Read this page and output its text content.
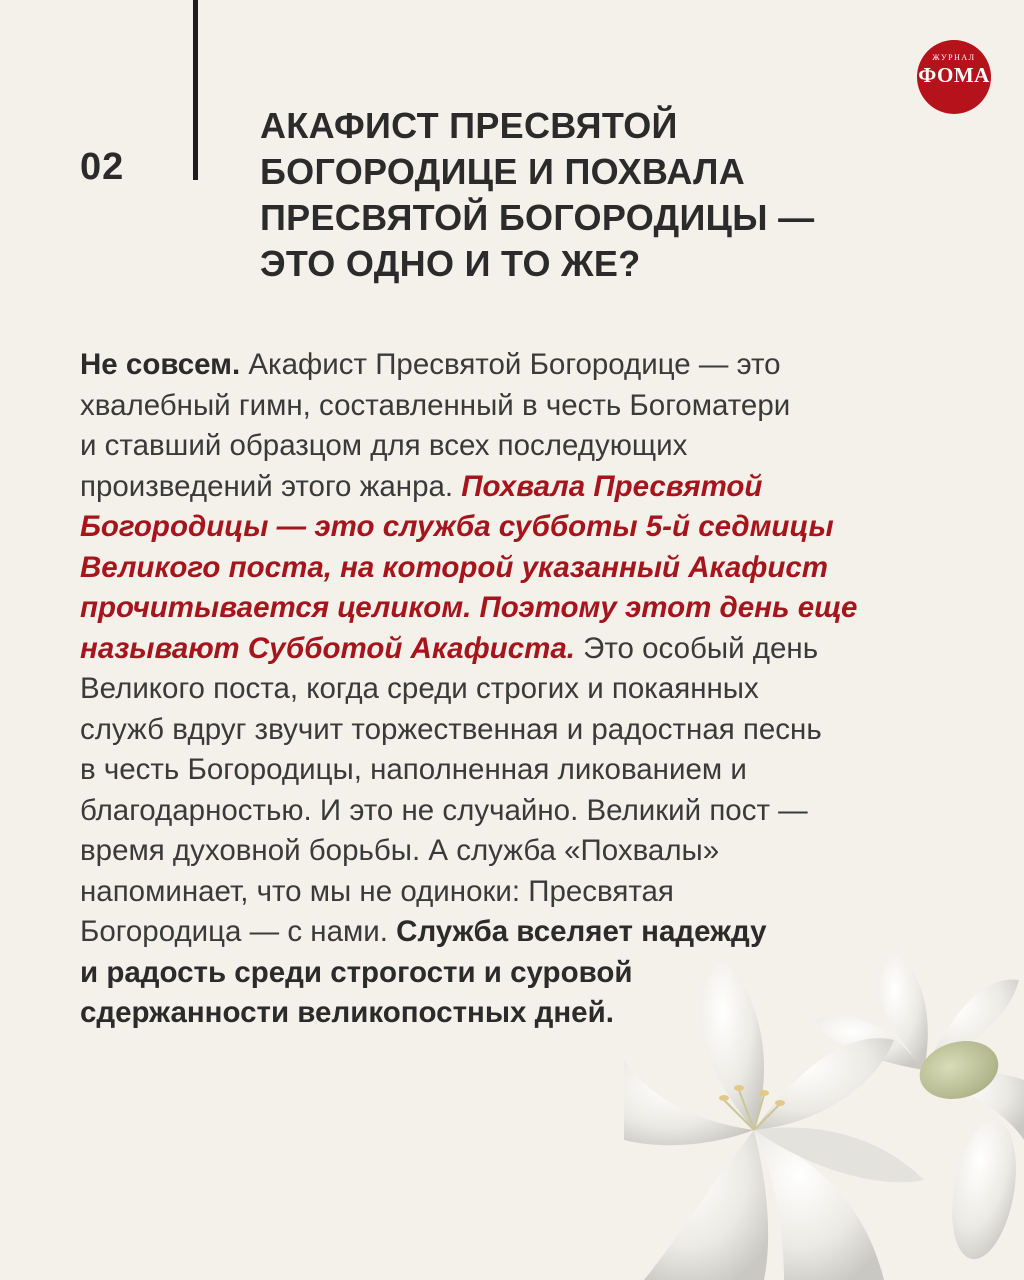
ЖУРНАЛ
ФОМА
02
АКАФИСТ ПРЕСВЯТОЙ
БОГОРОДИЦЕ И ПОХВАЛА
ПРЕСВЯТОЙ БОГОРОДИЦЫ —
ЭТО ОДНО И ТО ЖЕ?
Не совсем. Акафист Пресвятой Богородице — это
хвалебный гимн, составленный в честь Богоматери
и ставший образцом для всех последующих
произведений этого жанра. Похвала Пресвятой
Богородицы — это служба субботы 5-й седмицы
Великого поста, на которой указанный Акафист
прочитывается целиком. Поэтому этот день еще
называют Субботой Акафиста. Это особый день
Великого поста, когда среди строгих и покаянных
служб вдруг звучит торжественная и радостная песнь
в честь Богородицы, наполненная ликованием и
благодарностью. И это не случайно. Великий пост —
время духовной борьбы. А служба «Похвалы»
напоминает, что мы не одиноки: Пресвятая
Богородица — с нами. Служба вселяет надежду
и радость среди строгости и суровой
сдержанности великопостных дней.
